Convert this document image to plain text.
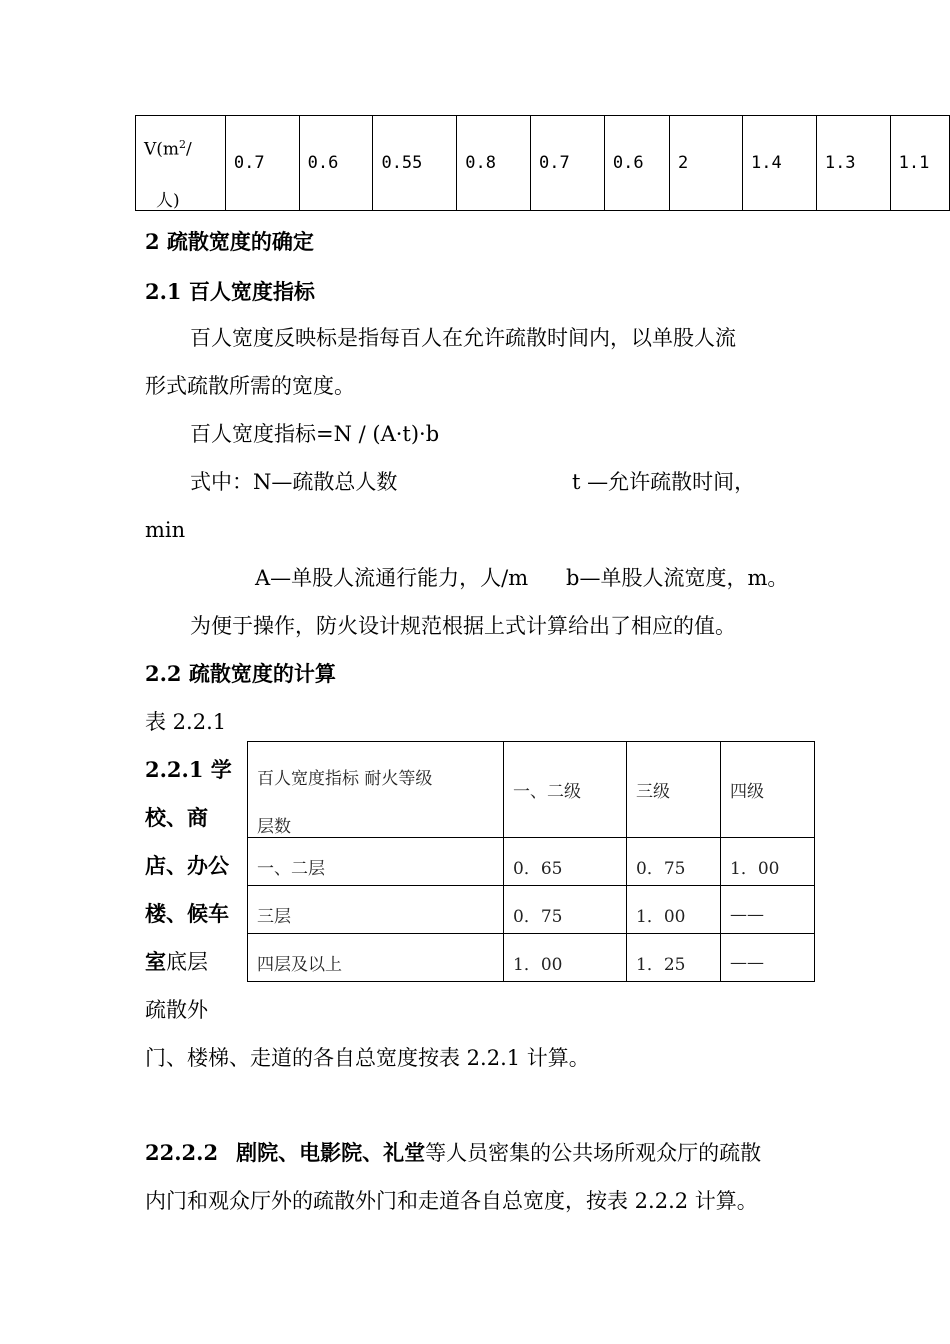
$V(m^2/$
人)
	0.7	0.6	0.55	0.8	0.7	0.6	2	1.4	1.3	1.1
2 疏散宽度的确定
2.1 百人宽度指标
百人宽度反映标是指每百人在允许疏散时间内，以单股人流
形式疏散所需的宽度。
百人宽度指标=N / (A·t)·b
式中：N—疏散总人数	t —允许疏散时间，
min
A—单股人流通行能力，人/m b—单股人流宽度，m。
为便于操作，防火设计规范根据上式计算给出了相应的值。
2.2 疏散宽度的计算
表 2.2.1
2.2.1 学
校、商
店、办公
楼、候车
室底层
疏散外
门、楼梯、走道的各自总宽度按表 2.2.1 计算。
百人宽度指标 耐火等级
层数	一、二级	三级	四级
一、二层	0．65	0．75	1．00
三层	0．75	1．00	——
四层及以上	1．00	1．25	——
22.2.2 剧院、电影院、礼堂等人员密集的公共场所观众厅的疏散
内门和观众厅外的疏散外门和走道各自总宽度，按表 2.2.2 计算。
